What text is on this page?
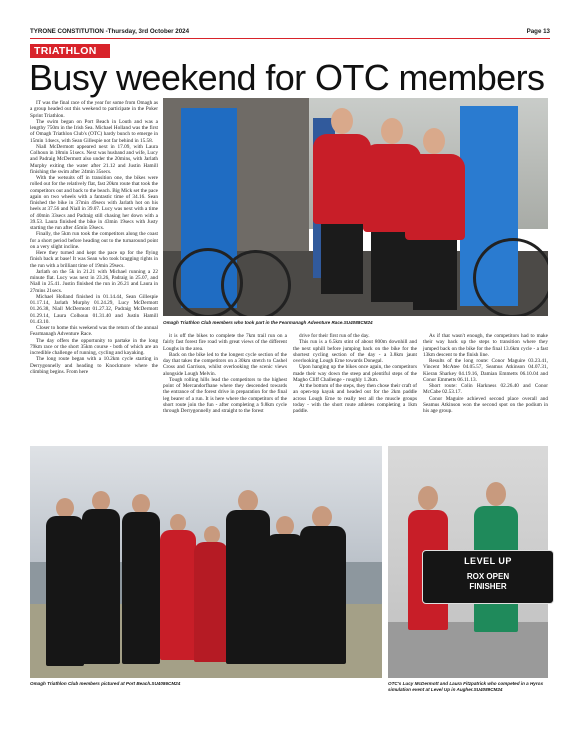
TYRONE CONSTITUTION -Thursday, 3rd October 2024	Page 13
TRIATHLON
Busy weekend for OTC members

IT was the final race of the year for some from Omagh as a group headed out this weekend to participate in the Poker Sprint Triathlon.

The swim began on Port Beach in Louth and was a lengthy 750m in the Irish Sea. Michael Holland was the first of Omagh Triathlon Club's (OTC) hardy bunch to emerge in 15min 14secs, with Sean Gillespie not far behind in 15.58.

Niall McDermott appeared next in 17.09, with Laura Colhoun in 18min 51secs. Next was husband and wife, Lucy and Padraig McDermott also under the 20mins, with Jarlath Murphy exiting the water after 21.12 and Justin Hamill finishing the swim after 24min 35secs.

With the wetsuits off in transition one, the bikes were rolled out for the relatively flat, fast 20km route that took the competitors out and back to the beach. Big Mick set the pace again on two wheels with a fantastic time of 34.16. Sean finished the bike in 37min 49secs with Jarlath hot on his heels at 37.56 and Niall in 39.07. Lucy was next with a time of 40min 33secs and Padraig still chasing her down with a 39.53. Laura finished the bike in 43min 19secs with Justy starting the run after 45min 59secs.

Finally, the 5km run took the competitors along the coast for a short period before heading out to the turnaround point on a very slight incline.

Here they turned and kept the pace up for the flying finish back at base! It was Sean who took bragging rights in the run with a brilliant time of 19min 29secs.

Jarlath on the 5k in 21.21 with Michael running a 22 minute flat. Lucy was next in 23.26, Padraig in 25.07, and Niall in 25.41. Justin finished the run in 26.21 and Laura in 27mins 21secs.

Michael Holland finished in 01.14.44, Sean Gillespie 01.17.14, Jarlath Murphy 01.24.29, Lucy McDermott 01.26.38, Niall McDermott 01.27.32, Padraig McDermott 01.29.14, Laura Colhoun 01.31.40 and Justin Hamill 01.43.10.

Closer to home this weekend was the return of the annual Fearmanagh Adventure Race.

The day offers the opportunity to partake in the long 79km race or the short 35km course - both of which are an incredible challenge of running, cycling and kayaking.

The long route began with a 10.2km cycle starting in Derrygonnelly and heading to Knockmore where the climbing begins. From here

Omagh Triathlon Club members who took part in the Fearmanagh Adventure Race.SU4088CM24

it is off the bikes to complete the 7km trail run on a fairly fast forest fire road with great views of the different Loughs in the area.

Back on the bike led to the longest cycle section of the day that takes the competitors on a 30km stretch to Cashel Cross and Garrison, whilst overlooking the scenic views alongside Lough Melvin.

Tough rolling hills lead the competitors to the highest point of Mercandorfhane where they descended towards the entrance of the forest drive in preparation for the final leg bearer of a run. It is here where the competitors of the short route join the fun - after completing a 9.8km cycle through Derrygonnelly and straight to the forest

drive for their first run of the day.

This run is a 6.5km stint of about 800m downhill and the next uphill before jumping back on the bike for the shortest cycling section of the day - a 3.8km jaunt overlooking Lough Erne towards Donegal.

Upon hanging up the bikes once again, the competitors made their way down the steep and plentiful steps of the Magho Cliff Challenge - roughly 1.2km.

At the bottom of the steps, they then chose their craft of an open-top kayak and headed out for the 2km paddle across Lough Erne to really test all the muscle groups today - with the short route athletes completing a 1km paddle.

As if that wasn't enough, the competitors had to make their way back up the steps to transition where they jumped back on the bike for the final 13.6km cycle - a fast 13km descent to the finish line.

Results of the long route: Conor Maguire 03.23.41, Vincent McAtee 04.05.57, Seamus Atkinson 04.07.31, Kieran Sharkey 04.19.16, Damian Emmetts 06.10.04 and Conor Emmetts 06.11.13.

Short route: Colin Harkness 02.26.40 and Conor McCabe 02.53.17.

Conor Maguire achieved second place overall and Seamus Atkinson won the second spot on the podium in his age group.

Omagh Triathlon Club members pictured at Port Beach.SU4086CM24
LEVEL UP
ROX OPEN
FINISHER
OTC's Lucy McDermott and Laura Fitzpatrick who competed in a Hyrox simulation event at Level Up in Augher.SU4089CM24
